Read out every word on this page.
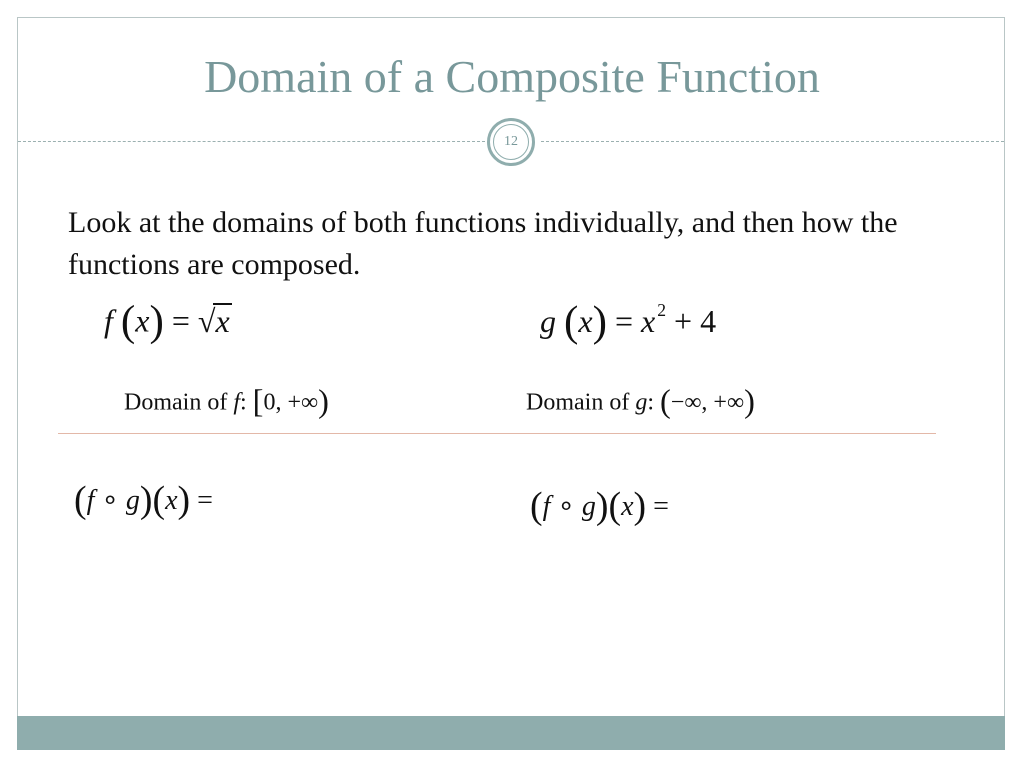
Domain of a Composite Function
12
Look at the domains of both functions individually, and then how the functions are composed.
f (x) = √x	g (x) = x $^2$ + 4
Domain of f: [0, +∞)	Domain of g: (−∞, +∞)
(f ∘ g)(x) =	(f ∘ g)(x) =
